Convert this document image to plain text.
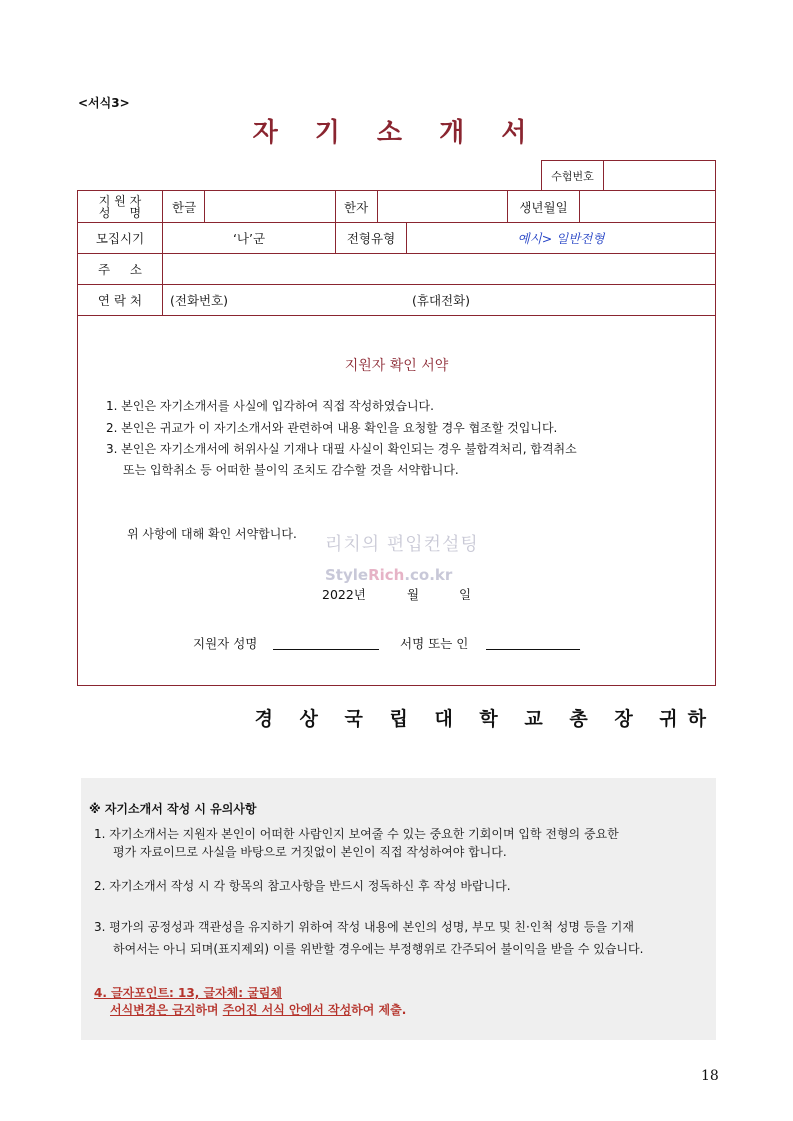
<서식3>
자 기 소 개 서
수험번호
지 원 자
성     명	한글	한자	생년월일
모집시기	‘나’군	전형유형	예시> 일반전형
주     소
연 락 처	(전화번호)	(휴대전화)
지원자 확인 서약
1. 본인은 자기소개서를 사실에 입각하여 직접 작성하였습니다.
2. 본인은 귀교가 이 자기소개서와 관련하여 내용 확인을 요청할 경우 협조할 것입니다.
3. 본인은 자기소개서에 허위사실 기재나 대필 사실이 확인되는 경우 불합격처리, 합격취소
또는 입학취소 등 어떠한 불이익 조치도 감수할 것을 서약합니다.
위 사항에 대해 확인 서약합니다. 리치의 편입컨설팅
StyleRich.co.kr
2022년	월	일
지원자 성명	서명 또는 인
경 상 국 립 대 학 교 총 장 귀하
※ 자기소개서 작성 시 유의사항
1. 자기소개서는 지원자 본인이 어떠한 사람인지 보여줄 수 있는 중요한 기회이며 입학 전형의 중요한
평가 자료이므로 사실을 바탕으로 거짓없이 본인이 직접 작성하여야 합니다.
2. 자기소개서 작성 시 각 항목의 참고사항을 반드시 정독하신 후 작성 바랍니다.
3. 평가의 공정성과 객관성을 유지하기 위하여 작성 내용에 본인의 성명, 부모 및 친·인척 성명 등을 기재
하여서는 아니 되며(표지제외) 이를 위반할 경우에는 부정행위로 간주되어 불이익을 받을 수 있습니다.
4. 글자포인트: 13, 글자체: 굴림체
서식변경은 금지하며 주어진 서식 안에서 작성하여 제출.
18
